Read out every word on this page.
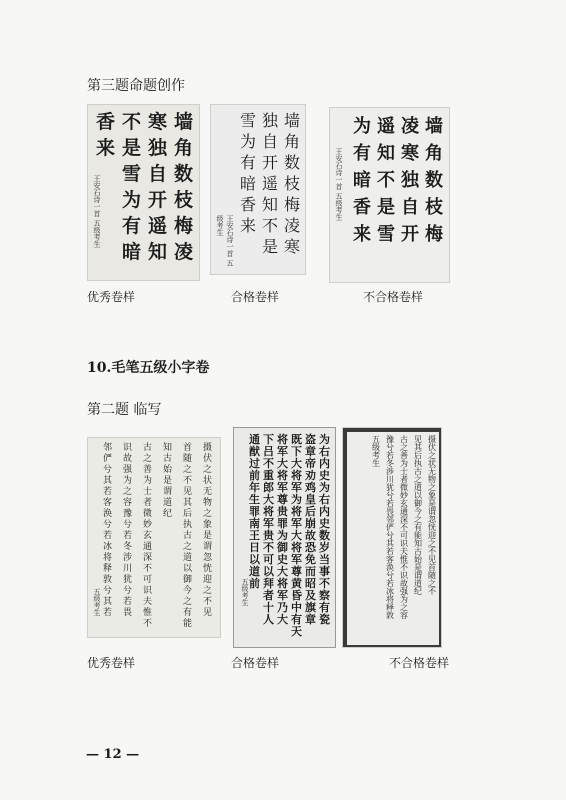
第三题命题创作
墙
角
数
枝
梅
凌
寒
独
自
开
遥
知
不
是
雪
为
有
暗
香
来
王安石诗一首 五级考生
墙
角
数
枝
梅
凌
寒
独
自
开
遥
知
不
是
雪
为
有
暗
香
来
王安石诗一首 五级考生
墙
角
数
枝
梅
凌
寒
独
自
开
遥
知
不
是
雪
为
有
暗
香
来
王安石诗一首 五级考生
优秀卷样	合格卷样	不合格卷样
10.毛笔五级小字卷
第二题 临写
摄
伏
之
状
无
物
之
象
是
谓
忽
恍
迎
之
不
见
首
随
之
不
见
其
后
执
古
之
道
以
御
今
之
有
能
知
古
始
是
谓
道
纪
古
之
善
为
士
者
微
妙
玄
通
深
不
可
识
夫
惟
不
识
故
强
为
之
容
豫
兮
若
冬
涉
川
犹
兮
若
畏
邻
俨
兮
其
若
客
涣
兮
若
冰
将
释
敦
兮
其
若
五级考生
为
右
内
史
为
右
内
史
数
岁
当
事
不
察
有
瓷
盗
章
帝
劝
鸡
皇
后
崩
故
恐
免
而
昭
及
旗
章
既
下
大
将
军
为
将
军
大
将
军
尊
黄
昏
中
有
天
将
军
大
将
军
尊
贵
罪
为
御
史
大
将
军
乃
大
下
吕
不
重
郎
大
将
军
贵
不
可
以
拜
者
十
人
通
猷
过
前
年
生
罪
南
王
日
以
道
前
五级考生
摄
伏
之
状
无
物
之
象
是
谓
忽
恍
迎
之
不
见
首
随
之
不
见
其
后
执
古
之
道
以
御
今
之
有
能
知
古
始
是
谓
道
纪
古
之
善
为
士
者
微
妙
玄
通
深
不
可
识
夫
惟
不
识
故
强
为
之
容
豫
兮
若
冬
涉
川
犹
兮
若
畏
邻
俨
兮
其
若
客
涣
兮
若
冰
将
释
敦
五
级
考
生
优秀卷样	合格卷样	不合格卷样
— 12 —
